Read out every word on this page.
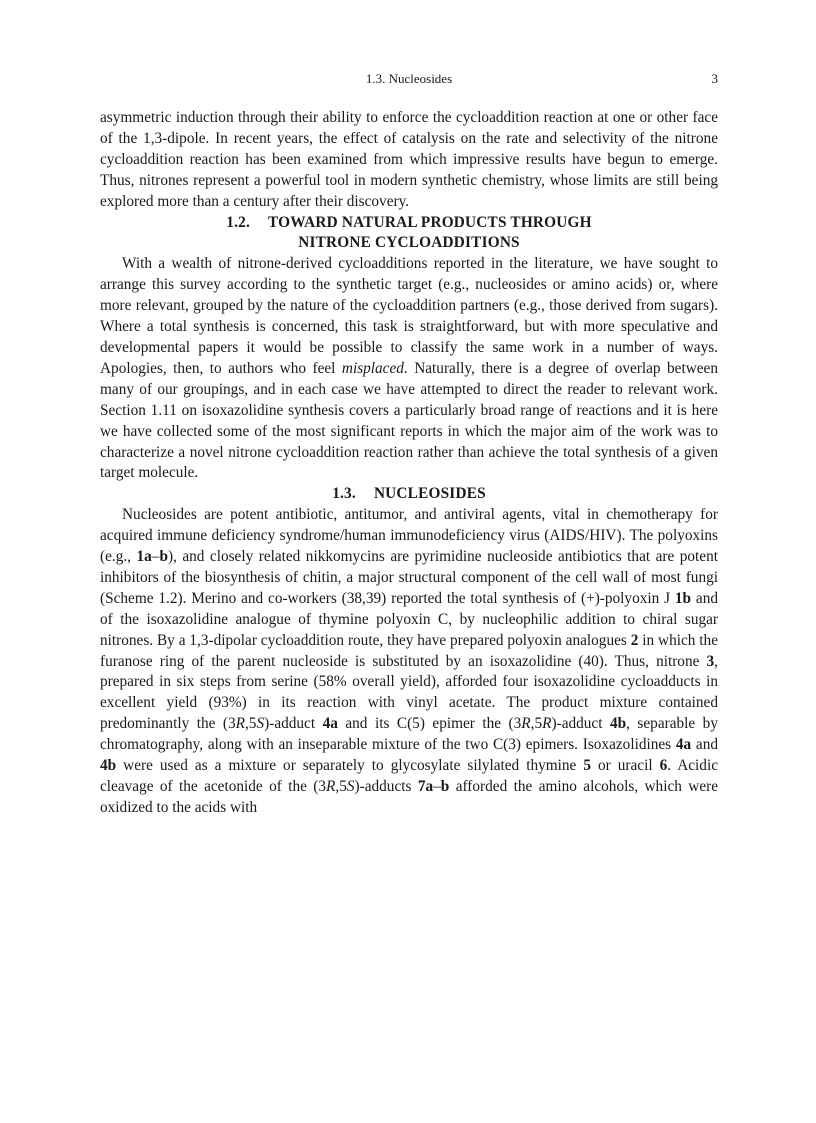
1.3. Nucleosides	3

asymmetric induction through their ability to enforce the cycloaddition reaction at one or other face of the 1,3-dipole. In recent years, the effect of catalysis on the rate and selectivity of the nitrone cycloaddition reaction has been examined from which impressive results have begun to emerge. Thus, nitrones represent a powerful tool in modern synthetic chemistry, whose limits are still being explored more than a century after their discovery.

1.2. TOWARD NATURAL PRODUCTS THROUGH
NITRONE CYCLOADDITIONS

With a wealth of nitrone-derived cycloadditions reported in the literature, we have sought to arrange this survey according to the synthetic target (e.g., nucleosides or amino acids) or, where more relevant, grouped by the nature of the cycloaddition partners (e.g., those derived from sugars). Where a total synthesis is concerned, this task is straightforward, but with more speculative and developmental papers it would be possible to classify the same work in a number of ways. Apologies, then, to authors who feel misplaced. Naturally, there is a degree of overlap between many of our groupings, and in each case we have attempted to direct the reader to relevant work. Section 1.11 on isoxazolidine synthesis covers a particularly broad range of reactions and it is here we have collected some of the most significant reports in which the major aim of the work was to characterize a novel nitrone cycloaddition reaction rather than achieve the total synthesis of a given target molecule.

1.3. NUCLEOSIDES

Nucleosides are potent antibiotic, antitumor, and antiviral agents, vital in chemotherapy for acquired immune deficiency syndrome/human immunodeficiency virus (AIDS/HIV). The polyoxins (e.g., 1a–b), and closely related nikkomycins are pyrimidine nucleoside antibiotics that are potent inhibitors of the biosynthesis of chitin, a major structural component of the cell wall of most fungi (Scheme 1.2). Merino and co-workers (38,39) reported the total synthesis of (+)-polyoxin J 1b and of the isoxazolidine analogue of thymine polyoxin C, by nucleophilic addition to chiral sugar nitrones. By a 1,3-dipolar cycloaddition route, they have prepared polyoxin analogues 2 in which the furanose ring of the parent nucleoside is substituted by an isoxazolidine (40). Thus, nitrone 3, prepared in six steps from serine (58% overall yield), afforded four isoxazolidine cycloadducts in excellent yield (93%) in its reaction with vinyl acetate. The product mixture contained predominantly the (3R,5S)-adduct 4a and its C(5) epimer the (3R,5R)-adduct 4b, separable by chromatography, along with an inseparable mixture of the two C(3) epimers. Isoxazolidines 4a and 4b were used as a mixture or separately to glycosylate silylated thymine 5 or uracil 6. Acidic cleavage of the acetonide of the (3R,5S)-adducts 7a–b afforded the amino alcohols, which were oxidized to the acids with
